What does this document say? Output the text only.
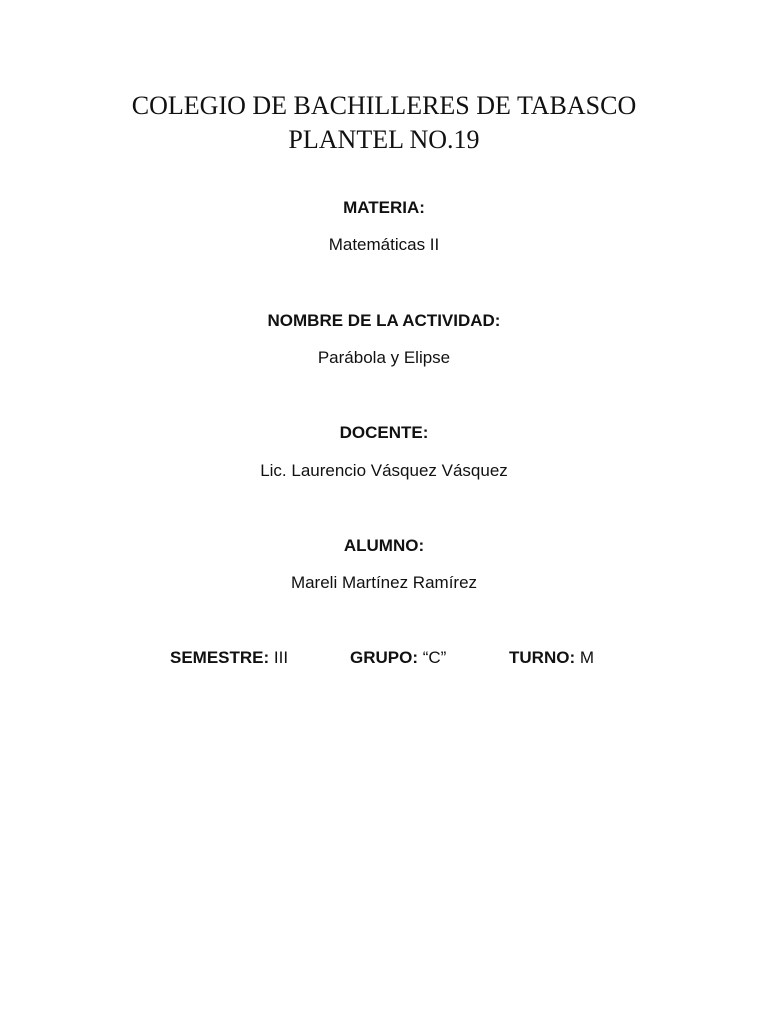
COLEGIO DE BACHILLERES DE TABASCO
PLANTEL NO.19
MATERIA:
Matemáticas II
NOMBRE DE LA ACTIVIDAD:
Parábola y Elipse
DOCENTE:
Lic. Laurencio Vásquez Vásquez
ALUMNO:
Mareli Martínez Ramírez
SEMESTRE: III	GRUPO: “C”	TURNO: M
